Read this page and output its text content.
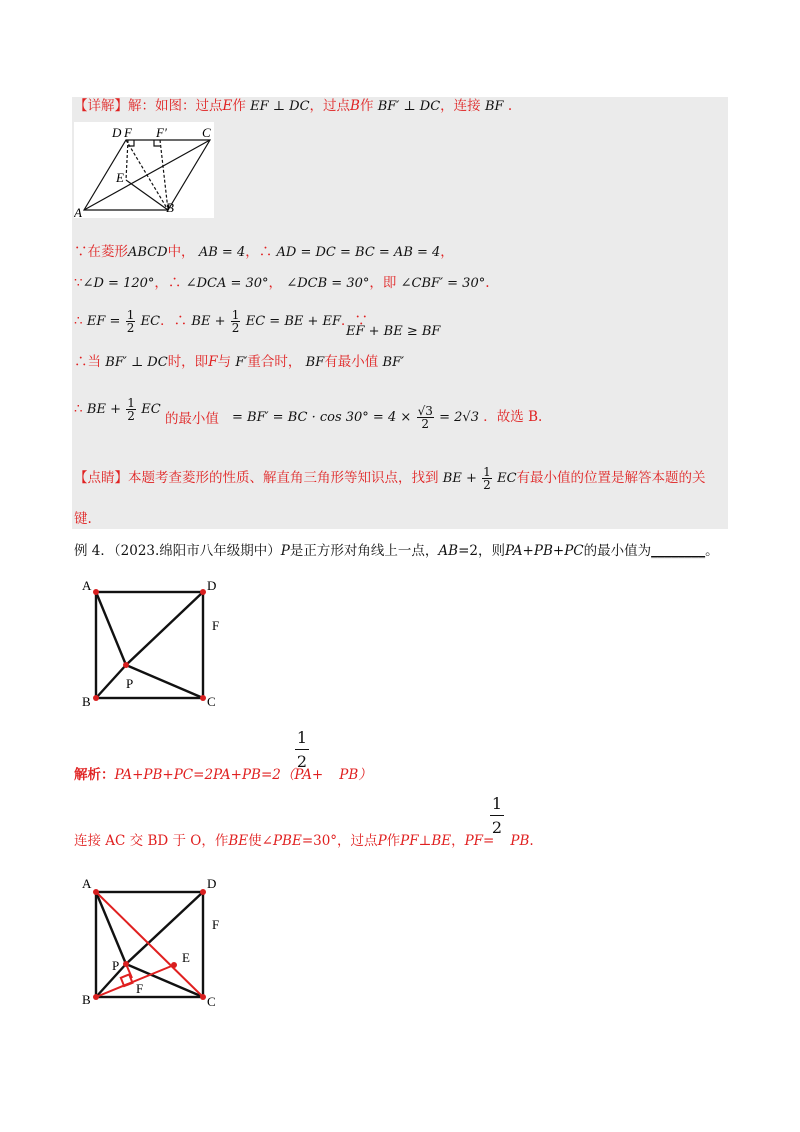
【详解】解：如图：过点E作 EF ⊥ DC，过点B作 BF′ ⊥ DC，连接 BF .
D F F′	C
E
A	B
∵在菱形ABCD中， AB = 4，∴ AD = DC = BC = AB = 4，
∵∠D = 120°，∴ ∠DCA = 30°， ∠DCB = 30°，即 ∠CBF′ = 30°.
∴ EF = $\frac{1}{2}$ EC．∴ BE + $\frac{1}{2}$ EC = BE + EF．∵
EF + BE ≥ BF
∴当 BF′ ⊥ DC时，即F与 F′重合时， BF有最小值 BF′
∴ BE + $\frac{1}{2}$ EC 的最小值 = BF′ = BC · $\cos 30^\circ = 4 \times \frac{√3}{2} = 2√3$ ．故选 B.
【点睛】本题考查菱形的性质、解直角三角形等知识点，找到 BE + $\frac{1}{2}$ EC有最小值的位置是解答本题的关
键.
例 4．（2023.绵阳市八年级期中）P是正方形对角线上一点，AB=2，则PA+PB+PC的最小值为________。
A	D
F
P
B	C
$\frac{1}{2}$
解析：PA+PB+PC=2PA+PB=2（PA+ PB）
$\frac{1}{2}$
连接 AC 交 BD 于 O，作BE使∠PBE=30°，过点P作PF⊥BE，PF= PB.
A	D
F
P
E
F
B	C
